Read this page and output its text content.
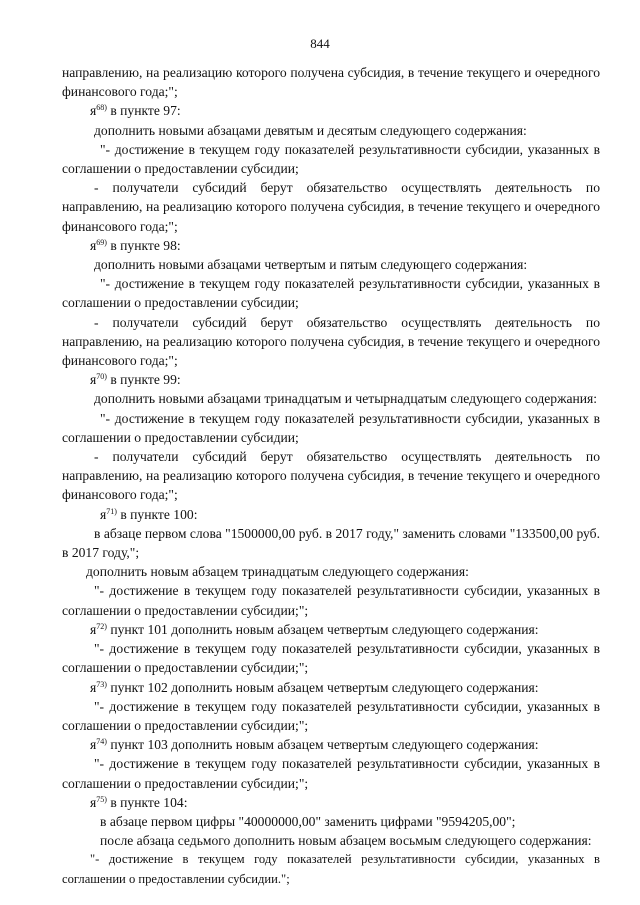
844

направлению, на реализацию которого получена субсидия, в течение текущего и очередного финансового года;";

$я^{68)}$ в пункте 97:

дополнить новыми абзацами девятым и десятым следующего содержания:

"- достижение в текущем году показателей результативности субсидии, указанных в соглашении о предоставлении субсидии;

- получатели субсидий берут обязательство осуществлять деятельность по направлению, на реализацию которого получена субсидия, в течение текущего и очередного финансового года;";

$я^{69)}$ в пункте 98:

дополнить новыми абзацами четвертым и пятым следующего содержания:

"- достижение в текущем году показателей результативности субсидии, указанных в соглашении о предоставлении субсидии;

- получатели субсидий берут обязательство осуществлять деятельность по направлению, на реализацию которого получена субсидия, в течение текущего и очередного финансового года;";

$я^{70)}$ в пункте 99:

дополнить новыми абзацами тринадцатым и четырнадцатым следующего содержания:

"- достижение в текущем году показателей результативности субсидии, указанных в соглашении о предоставлении субсидии;

- получатели субсидий берут обязательство осуществлять деятельность по направлению, на реализацию которого получена субсидия, в течение текущего и очередного финансового года;";

$я^{71)}$ в пункте 100:

в абзаце первом слова "1500000,00 руб. в 2017 году," заменить словами "133500,00 руб. в 2017 году,";

дополнить новым абзацем тринадцатым следующего содержания:

"- достижение в текущем году показателей результативности субсидии, указанных в соглашении о предоставлении субсидии;";

$я^{72)}$ пункт 101 дополнить новым абзацем четвертым следующего содержания:

"- достижение в текущем году показателей результативности субсидии, указанных в соглашении о предоставлении субсидии;";

$я^{73)}$ пункт 102 дополнить новым абзацем четвертым следующего содержания:

"- достижение в текущем году показателей результативности субсидии, указанных в соглашении о предоставлении субсидии;";

$я^{74)}$ пункт 103 дополнить новым абзацем четвертым следующего содержания:

"- достижение в текущем году показателей результативности субсидии, указанных в соглашении о предоставлении субсидии;";

$я^{75)}$ в пункте 104:

в абзаце первом цифры "40000000,00" заменить цифрами "9594205,00";

после абзаца седьмого дополнить новым абзацем восьмым следующего содержания:

"- достижение в текущем году показателей результативности субсидии, указанных в соглашении о предоставлении субсидии.";
